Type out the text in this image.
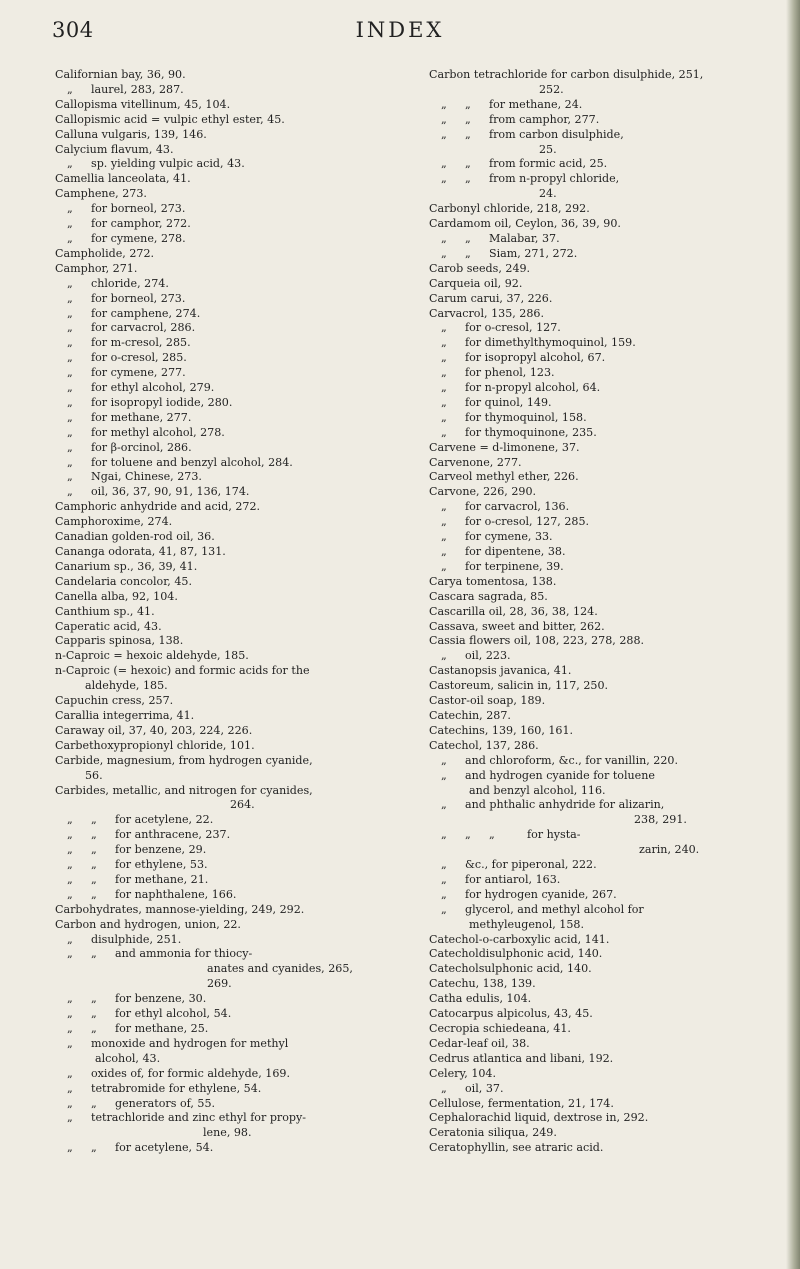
304	INDEX
Californian bay, 36, 90.
„ laurel, 283, 287.
Callopisma vitellinum, 45, 104.
Callopismic acid = vulpic ethyl ester, 45.
Calluna vulgaris, 139, 146.
Calycium flavum, 43.
„ sp. yielding vulpic acid, 43.
Camellia lanceolata, 41.
Camphene, 273.
„ for borneol, 273.
„ for camphor, 272.
„ for cymene, 278.
Campholide, 272.
Camphor, 271.
„ chloride, 274.
„ for borneol, 273.
„ for camphene, 274.
„ for carvacrol, 286.
„ for m-cresol, 285.
„ for o-cresol, 285.
„ for cymene, 277.
„ for ethyl alcohol, 279.
„ for isopropyl iodide, 280.
„ for methane, 277.
„ for methyl alcohol, 278.
„ for β-orcinol, 286.
„ for toluene and benzyl alcohol, 284.
„ Ngai, Chinese, 273.
„ oil, 36, 37, 90, 91, 136, 174.
Camphoric anhydride and acid, 272.
Camphoroxime, 274.
Canadian golden-rod oil, 36.
Cananga odorata, 41, 87, 131.
Canarium sp., 36, 39, 41.
Candelaria concolor, 45.
Canella alba, 92, 104.
Canthium sp., 41.
Caperatic acid, 43.
Capparis spinosa, 138.
n-Caproic = hexoic aldehyde, 185.
n-Caproic (= hexoic) and formic acids for the
aldehyde, 185.
Capuchin cress, 257.
Carallia integerrima, 41.
Caraway oil, 37, 40, 203, 224, 226.
Carbethoxypropionyl chloride, 101.
Carbide, magnesium, from hydrogen cyanide,
56.
Carbides, metallic, and nitrogen for cyanides,
264.
„ „ for acetylene, 22.
„ „ for anthracene, 237.
„ „ for benzene, 29.
„ „ for ethylene, 53.
„ „ for methane, 21.
„ „ for naphthalene, 166.
Carbohydrates, mannose-yielding, 249, 292.
Carbon and hydrogen, union, 22.
„ disulphide, 251.
„ „ and ammonia for thiocy-
anates and cyanides, 265,
269.
„ „ for benzene, 30.
„ „ for ethyl alcohol, 54.
„ „ for methane, 25.
„ monoxide and hydrogen for methyl
alcohol, 43.
„ oxides of, for formic aldehyde, 169.
„ tetrabromide for ethylene, 54.
„ „ generators of, 55.
„ tetrachloride and zinc ethyl for propy-
lene, 98.
„ „ for acetylene, 54.
Carbon tetrachloride for carbon disulphide, 251,
252.
„ „ for methane, 24.
„ „ from camphor, 277.
„ „ from carbon disulphide,
25.
„ „ from formic acid, 25.
„ „ from n-propyl chloride,
24.
Carbonyl chloride, 218, 292.
Cardamom oil, Ceylon, 36, 39, 90.
„ „ Malabar, 37.
„ „ Siam, 271, 272.
Carob seeds, 249.
Carqueia oil, 92.
Carum carui, 37, 226.
Carvacrol, 135, 286.
„ for o-cresol, 127.
„ for dimethylthymoquinol, 159.
„ for isopropyl alcohol, 67.
„ for phenol, 123.
„ for n-propyl alcohol, 64.
„ for quinol, 149.
„ for thymoquinol, 158.
„ for thymoquinone, 235.
Carvene = d-limonene, 37.
Carvenone, 277.
Carveol methyl ether, 226.
Carvone, 226, 290.
„ for carvacrol, 136.
„ for o-cresol, 127, 285.
„ for cymene, 33.
„ for dipentene, 38.
„ for terpinene, 39.
Carya tomentosa, 138.
Cascara sagrada, 85.
Cascarilla oil, 28, 36, 38, 124.
Cassava, sweet and bitter, 262.
Cassia flowers oil, 108, 223, 278, 288.
„ oil, 223.
Castanopsis javanica, 41.
Castoreum, salicin in, 117, 250.
Castor-oil soap, 189.
Catechin, 287.
Catechins, 139, 160, 161.
Catechol, 137, 286.
„ and chloroform, &c., for vanillin, 220.
„ and hydrogen cyanide for toluene
and benzyl alcohol, 116.
„ and phthalic anhydride for alizarin,
238, 291.
„ „ „	for hysta-
zarin, 240.
„ &c., for piperonal, 222.
„ for antiarol, 163.
„ for hydrogen cyanide, 267.
„ glycerol, and methyl alcohol for
methyleugenol, 158.
Catechol-o-carboxylic acid, 141.
Catecholdisulphonic acid, 140.
Catecholsulphonic acid, 140.
Catechu, 138, 139.
Catha edulis, 104.
Catocarpus alpicolus, 43, 45.
Cecropia schiedeana, 41.
Cedar-leaf oil, 38.
Cedrus atlantica and libani, 192.
Celery, 104.
„ oil, 37.
Cellulose, fermentation, 21, 174.
Cephalorachid liquid, dextrose in, 292.
Ceratonia siliqua, 249.
Ceratophyllin, see atraric acid.
